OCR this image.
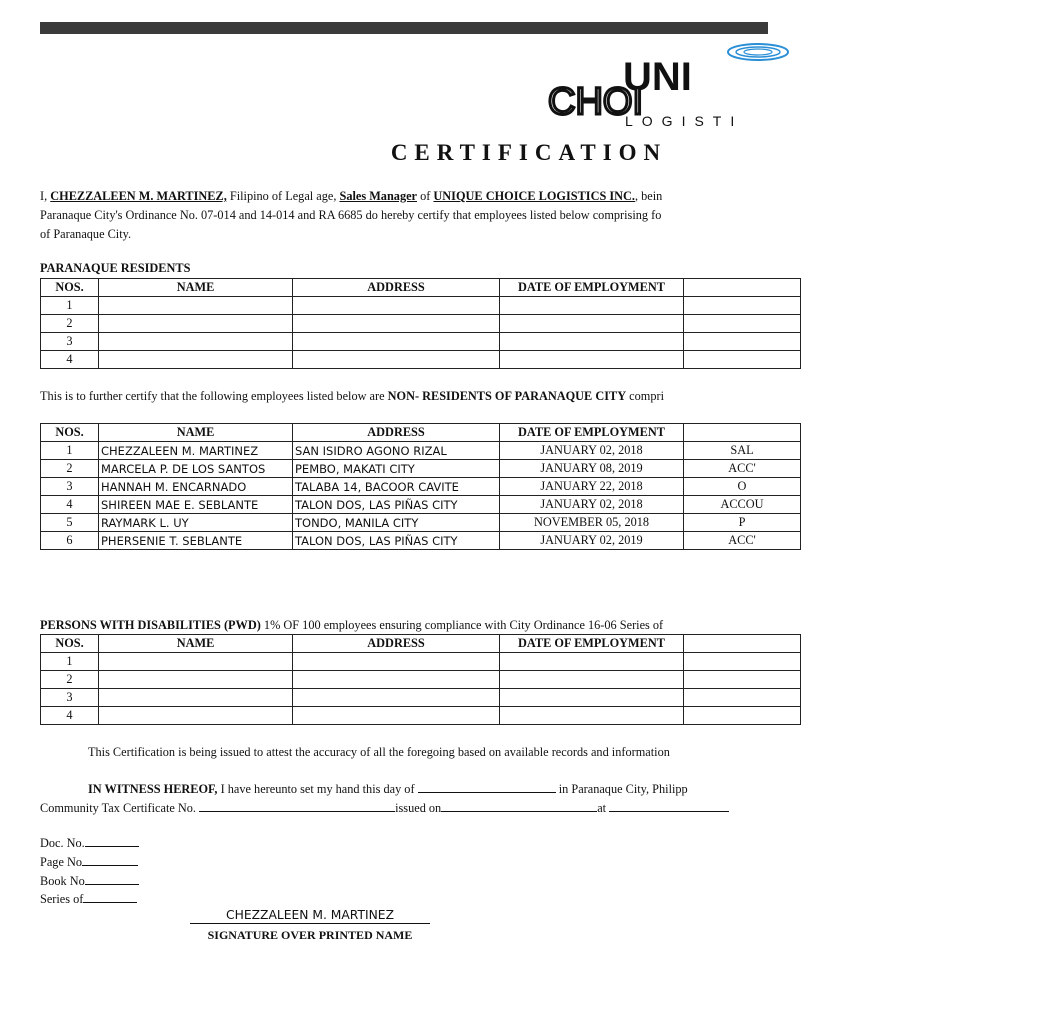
UNI
CHOI
LOGISTI
CERTIFICATION
I, CHEZZALEEN M. MARTINEZ, Filipino of Legal age, Sales Manager of UNIQUE CHOICE LOGISTICS INC., bein
Paranaque City's Ordinance No. 07-014 and 14-014 and RA 6685 do hereby certify that employees listed below comprising fo
of Paranaque City.
PARANAQUE RESIDENTS
NOS.	NAME	ADDRESS	DATE OF EMPLOYMENT	
1				
2				
3				
4				
This is to further certify that the following employees listed below are NON- RESIDENTS OF PARANAQUE CITY compri
NOS.	NAME	ADDRESS	DATE OF EMPLOYMENT	
1	CHEZZALEEN M. MARTINEZ	SAN ISIDRO AGONO RIZAL	JANUARY 02, 2018	SAL
2	MARCELA P. DE LOS SANTOS	PEMBO, MAKATI CITY	JANUARY 08, 2019	ACC'
3	HANNAH M. ENCARNADO	TALABA 14, BACOOR CAVITE	JANUARY 22, 2018	O
4	SHIREEN MAE E. SEBLANTE	TALON DOS, LAS PIÑAS CITY	JANUARY 02, 2018	ACCOU
5	RAYMARK L. UY	TONDO, MANILA CITY	NOVEMBER 05, 2018	P
6	PHERSENIE T. SEBLANTE	TALON DOS, LAS PIÑAS CITY	JANUARY 02, 2019	ACC'
PERSONS WITH DISABILITIES (PWD) 1% OF 100 employees ensuring compliance with City Ordinance 16-06 Series of
NOS.	NAME	ADDRESS	DATE OF EMPLOYMENT	
1				
2				
3				
4				
This Certification is being issued to attest the accuracy of all the foregoing based on available records and information
IN WITNESS HEREOF, I have hereunto set my hand this day of	in Paranaque City, Philipp
Community Tax Certificate No.	issued on	at
Doc. No.
Page No
Book No
Series of
CHEZZALEEN M. MARTINEZ
SIGNATURE OVER PRINTED NAME
